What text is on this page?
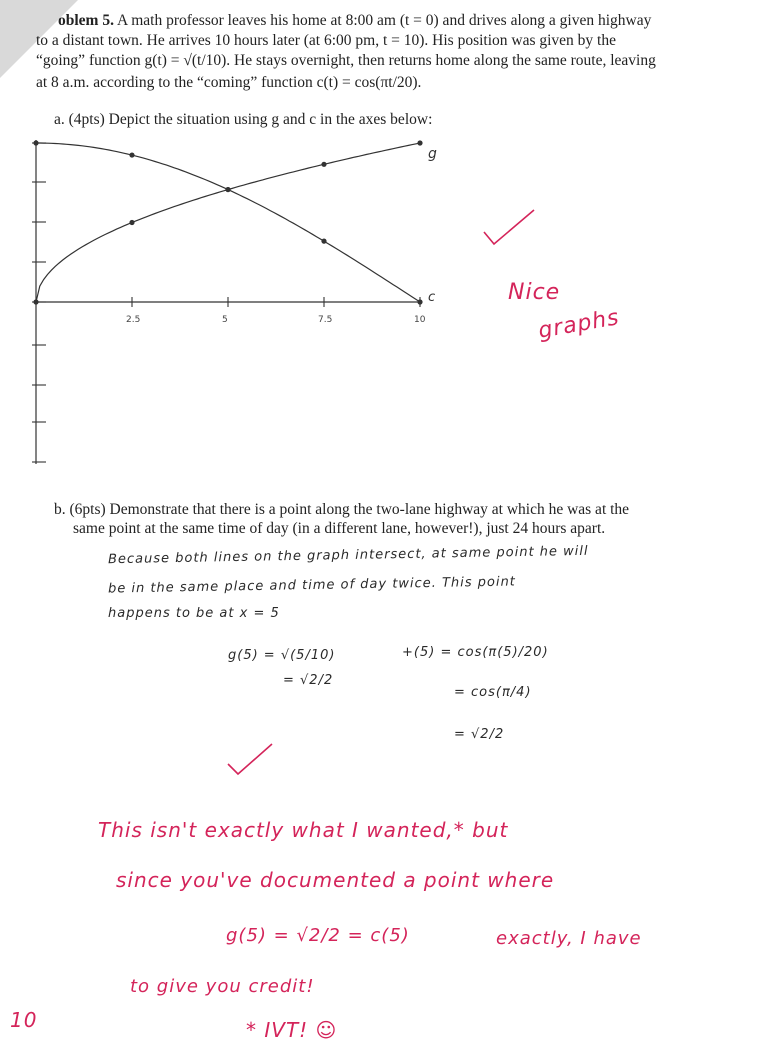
oblem 5. A math professor leaves his home at 8:00 am (t = 0) and drives along a given highway
to a distant town. He arrives 10 hours later (at 6:00 pm, t = 10). His position was given by the
“going” function g(t) = √(t/10). He stays overnight, then returns home along the same route, leaving
at 8 a.m. according to the “coming” function c(t) = cos(πt/20).
a. (4pts) Depict the situation using g and c in the axes below:
2.5	5	7.5	10
g
c	Nice
graphs
b. (6pts) Demonstrate that there is a point along the two-lane highway at which he was at the
same point at the same time of day (in a different lane, however!), just 24 hours apart.
Because both lines on the graph intersect, at same point he will
be in the same place and time of day twice. This point
happens to be at x = 5
g(5) = √(5/10)
= √2/2
+(5) = cos(π(5)/20)
= cos(π/4)
= √2/2
This isn't exactly what I wanted,* but
since you've documented a point where
g(5) = √2/2 = c(5)	exactly, I have
to give you credit!
* IVT! ☺
10
